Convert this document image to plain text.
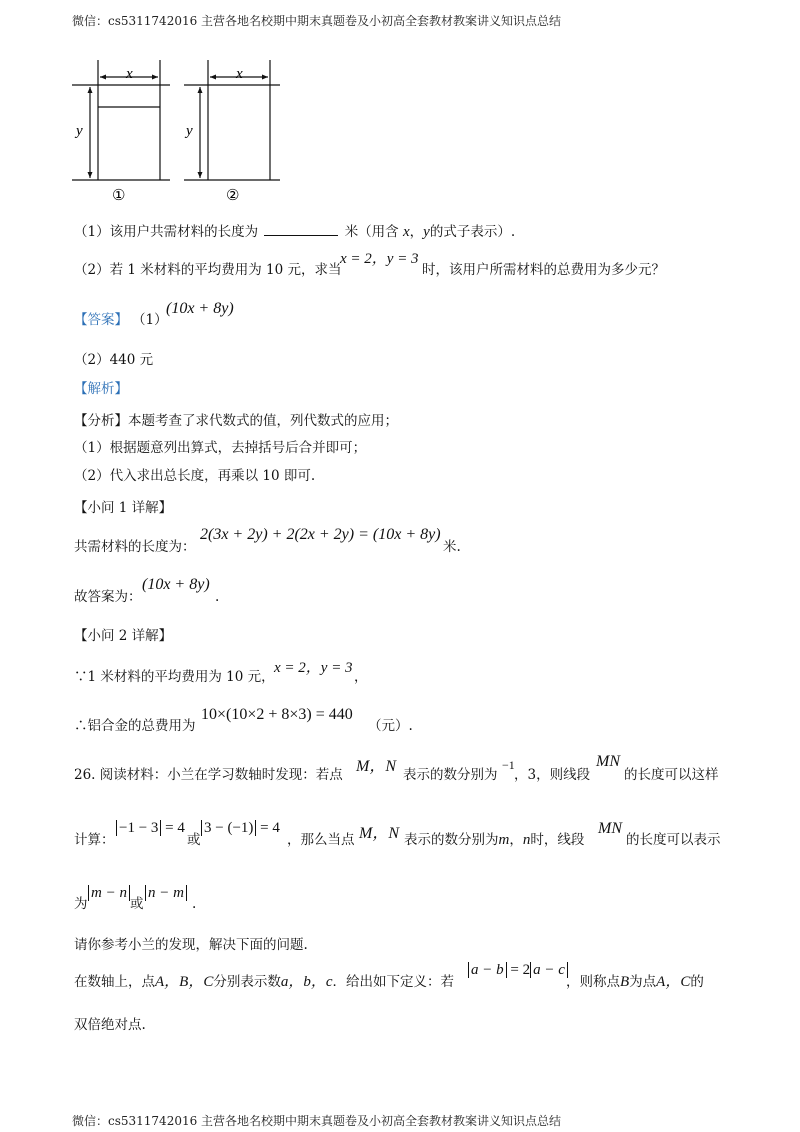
微信：cs5311742016 主营各地名校期中期末真题卷及小初高全套教材教案讲义知识点总结
x
y
x
y
①	②
（1）该用户共需材料的长度为	米（用含 x，y的式子表示）.
（2）若 1 米材料的平均费用为 10 元，求当
x = 2，y = 3
时，该用户所需材料的总费用为多少元？
【答案】 （1）
(10x + 8y)
（2）440 元
【解析】
【分析】本题考查了求代数式的值，列代数式的应用；
（1）根据题意列出算式，去掉括号后合并即可；
（2）代入求出总长度，再乘以 10 即可.
【小问 1 详解】
共需材料的长度为：
2(3x + 2y) + 2(2x + 2y) = (10x + 8y)
米.
故答案为：
(10x + 8y)
.
【小问 2 详解】
∵1 米材料的平均费用为 10 元，
x = 2，y = 3
，
∴铝合金的总费用为
10×(10×2 + 8×3) = 440
（元）.
26. 阅读材料：小兰在学习数轴时发现：若点 M，N 表示的数分别为
−1
，3，则线段
MN
的长度可以这样
计算：
−1 − 3 = 4
或
3 − (−1) = 4
，那么当点 M，N 表示的数分别为m，n时，线段
MN
的长度可以表示
为
m − n
或
n − m
.
请你参考小兰的发现，解决下面的问题.
在数轴上，点A，B，C分别表示数a，b，c．给出如下定义：若
a − b = 2 a − c
，则称点B为点A，C的
双倍绝对点.
微信：cs5311742016 主营各地名校期中期末真题卷及小初高全套教材教案讲义知识点总结
